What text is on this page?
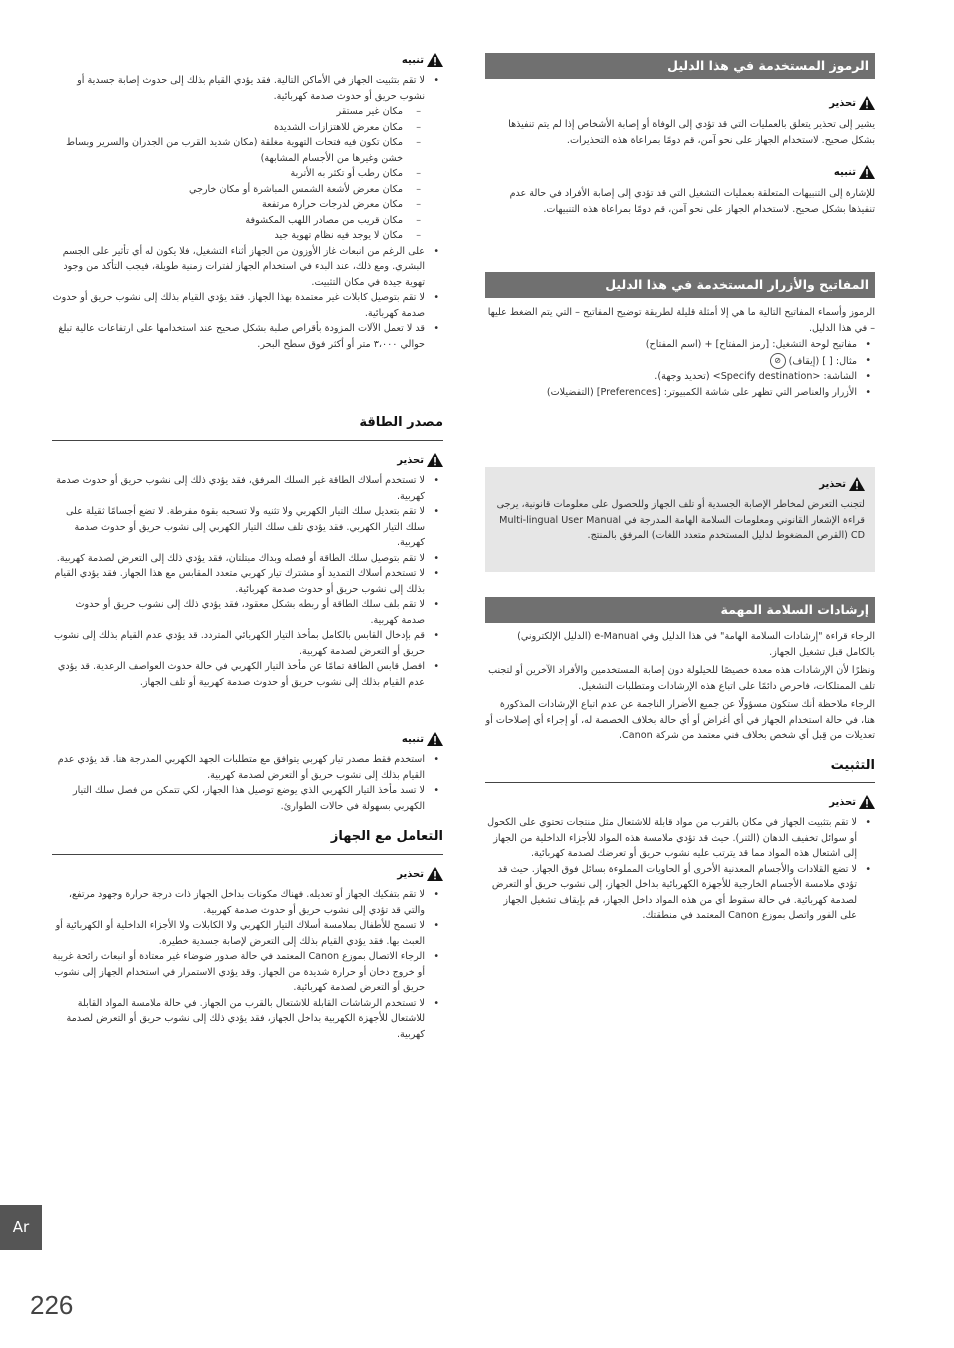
الرموز المستخدمة في هذا الدليل
تحذير

يشير إلى تحذير يتعلق بالعمليات التي قد تؤدي إلى الوفاة أو إصابة الأشخاص إذا لم يتم تنفيذها بشكل صحيح. لاستخدام الجهاز على نحو آمن، قم دومًا بمراعاة هذه التحذيرات.

تنبيه

للإشارة إلى التنبيهات المتعلقة بعمليات التشغيل التي قد تؤدي إلى إصابة الأفراد في حالة عدم تنفيذها بشكل صحيح. لاستخدام الجهاز على نحو آمن، قم دومًا بمراعاة هذه التنبيهات.

المفاتيح والأزرار المستخدمة في هذا الدليل

الرموز وأسماء المفاتيح التالية ما هي إلا أمثلة قليلة لطريقة توضيح المفاتيح – التي يتم الضغط عليها – في هذا الدليل.

• مفاتيح لوحة التشغيل: [رمز المفتاح] + (اسم المفتاح)
• مثال: [ ] (إيقاف) ⊘
• الشاشة: <Specify destination> (تحديد وجهة).
• الأزرار والعناصر التي تظهر على شاشة الكمبيوتر: [Preferences] (التفضيلات)
تحذير

لتجنب التعرض لمخاطر الإصابة الجسدية أو تلف الجهاز وللحصول على معلومات قانونية، يرجى قراءة الإشعار القانوني ومعلومات السلامة الهامة المدرجة في Multi-lingual User Manual CD (القرص المضغوط لدليل المستخدم متعدد اللغات) المرفق بالمنتج.

إرشادات السلامة المهمة

الرجاء قراءة "إرشادات السلامة الهامة" في هذا الدليل وفي e-Manual (الدليل الإلكتروني) بالكامل قبل تشغيل الجهاز.

ونظرًا لأن الإرشادات هذه معدة خصيصًا للحيلولة دون إصابة المستخدمين والأفراد الآخرين أو لتجنب تلف الممتلكات، فاحرص دائمًا على اتباع هذه الإرشادات ومتطلبات التشغيل.

الرجاء ملاحظة أنك ستكون مسؤولًا عن جميع الأضرار الناجمة عن عدم اتباع الإرشادات المذكورة هنا، في حالة استخدام الجهاز في أي أغراض أو أي حالة بخلاف الخصصة له، أو إجراء أي إصلاحات أو تعديلات من قِبل أي شخص بخلاف فني معتمد من شركة Canon.

التثبيت
تحذير
• لا تقم بتثبيت الجهاز في مكان بالقرب من مواد قابلة للاشتعال مثل منتجات تحتوي على الكحول أو سوائل تخفيف الدهان (الثنر). حيث قد تؤدي ملامسة هذه المواد للأجزاء الداخلية من الجهاز إلى اشتعال هذه المواد مما قد يترتب عليه نشوب حريق أو تعرضك لصدمة كهربائية.
• لا تضع القلادات والأجسام المعدنية الأخرى أو الحاويات المملوءة بسائل فوق الجهاز. حيث قد تؤدي ملامسة الأجسام الخارجية للأجهزة الكهربائية بداخل الجهاز، إلى نشوب حريق أو التعرض لصدمة كهربائية. في حالة سقوط أي من هذه المواد داخل الجهاز، قم بإيقاف تشغيل الجهاز على الفور واتصل بموزع Canon المعتمد في منطقتك.
تنبيه
• لا تقم بتثبيت الجهاز في الأماكن التالية. فقد يؤدي القيام بذلك إلى حدوث إصابة جسدية أو نشوب حريق أو حدوث صدمة كهربائية.
– مكان غير مستقر
– مكان معرض للاهتزازات الشديدة
– مكان تكون فيه فتحات التهوية مغلقة (مكان شديد القرب من الجدران والسرير وبساط خشن وغيرها من الأجسام المشابهة)
– مكان رطب أو تكثر به الأتربة
– مكان معرض لأشعة الشمس المباشرة أو مكان خارجي
– مكان معرض لدرجات حرارة مرتفعة
– مكان قريب من مصادر اللهب المكشوفة
– مكان لا يوجد فيه نظام تهوية جيد
• على الرغم من انبعاث غاز الأوزون من الجهاز أثناء التشغيل، فلا يكون له أي تأثير على الجسم البشري. ومع ذلك، عند البدء في استخدام الجهاز لفترات زمنية طويلة، فيجب التأكد من وجود تهوية جيدة في مكان التثبيت.
• لا تقم بتوصيل كابلات غير معتمدة بهذا الجهاز. فقد يؤدي القيام بذلك إلى نشوب حريق أو حدوث صدمة كهربائية.
• قد لا تعمل الآلات المزودة بأقراص صلبة بشكل صحيح عند استخدامها على ارتفاعات عالية تبلغ حوالي ٣،٠٠٠ متر أو أكثر فوق سطح البحر.
مصدر الطاقة
تحذير
• لا تستخدم أسلاك الطاقة غير السلك المرفق، فقد يؤدي ذلك إلى نشوب حريق أو حدوث صدمة كهربية.
• لا تقم بتعديل سلك التيار الكهربي ولا تثنيه ولا تسحبه بقوة مفرطة. لا تضع أجسامًا ثقيلة على سلك التيار الكهربي. فقد يؤدي تلف سلك التيار الكهربي إلى نشوب حريق أو حدوث صدمة كهربية.
• لا تقم بتوصيل سلك الطاقة أو فصله وبداك مبتلتان، فقد يؤدي ذلك إلى التعرض لصدمة كهربية.
• لا تستخدم أسلاك التمديد أو مشترك تيار كهربي متعدد المقابس مع هذا الجهاز. فقد يؤدي القيام بذلك إلى نشوب حريق أو حدوث صدمة كهربائية.
• لا تقم بلف سلك الطاقة أو ربطه بشكل معقود، فقد يؤدي ذلك إلى نشوب حريق أو حدوث صدمة كهربية.
• قم بإدخال القابس بالكامل بمأخذ التيار الكهربائي المتردد. قد يؤدي عدم القيام بذلك إلى نشوب حريق أو التعرض لصدمة كهربية.
• افصل قابس الطاقة تمامًا عن مأخذ التيار الكهربي في حالة حدوث العواصف الرعدية. قد يؤدي عدم القيام بذلك إلى نشوب حريق أو حدوث صدمة كهربية أو تلف الجهاز.
تنبيه
• استخدم فقط مصدر تيار كهربي يتوافق مع متطلبات الجهد الكهربي المدرجة هنا. قد يؤدي عدم القيام بذلك إلى نشوب حريق أو التعرض لصدمة كهربية.
• لا تسد مأخذ التيار الكهربي الذي يوضع توصيل هذا الجهاز، لكي تتمكن من فصل سلك التيار الكهربي بسهولة في حالات الطوارئ.
التعامل مع الجهاز
تحذير
• لا تقم بتفكيك الجهاز أو تعديله. فهناك مكونات بداخل الجهاز ذات درجة حرارة وجهود مرتفع، والتي قد تؤدي إلى نشوب حريق أو حدوث صدمة كهربية.
• لا تسمح للأطفال بملامسة أسلاك التيار الكهربي ولا الكابلات ولا الأجزاء الداخلية أو الكهربائية أو العبث بها. فقد يؤدي القيام بذلك إلى التعرض لإصابة جسدية خطيرة.
• الرجاء الاتصال بموزع Canon المعتمد في حالة صدور ضوضاء غير معتادة أو انبعاث رائحة غريبة أو خروج دخان أو حرارة شديدة من الجهاز. وقد يؤدي الاستمرار في استخدام الجهاز إلى نشوب حريق أو التعرض لصدمة كهربائية.
• لا تستخدم الرشاشات القابلة للاشتعال بالقرب من الجهاز. في حالة ملامسة المواد القابلة للاشتعال للأجهزة الكهربية بداخل الجهاز، فقد يؤدي ذلك إلى نشوب حريق أو التعرض لصدمة كهربية.
Ar
226
